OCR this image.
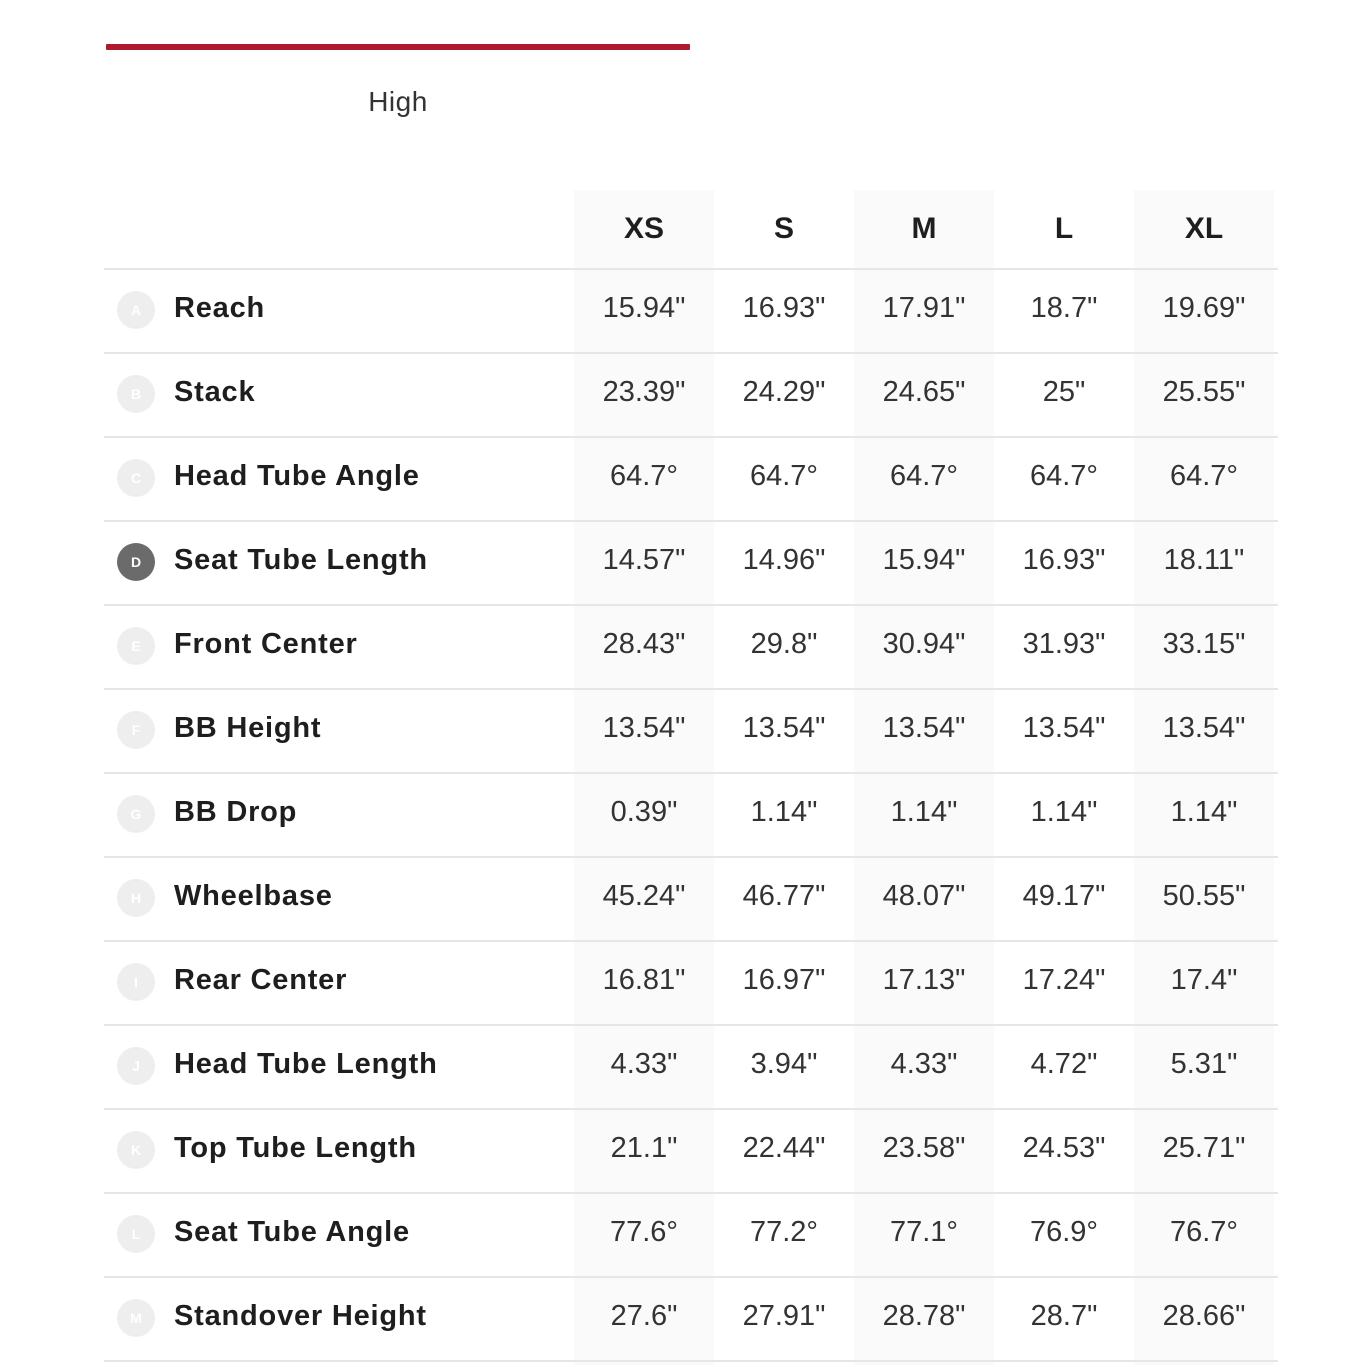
High
XS	S	M	L	XL
A	Reach	15.94"	16.93"	17.91"	18.7"	19.69"
B	Stack	23.39"	24.29"	24.65"	25"	25.55"
C	Head Tube Angle	64.7°	64.7°	64.7°	64.7°	64.7°
D	Seat Tube Length	14.57"	14.96"	15.94"	16.93"	18.11"
E	Front Center	28.43"	29.8"	30.94"	31.93"	33.15"
F	BB Height	13.54"	13.54"	13.54"	13.54"	13.54"
G	BB Drop	0.39"	1.14"	1.14"	1.14"	1.14"
H	Wheelbase	45.24"	46.77"	48.07"	49.17"	50.55"
I	Rear Center	16.81"	16.97"	17.13"	17.24"	17.4"
J	Head Tube Length	4.33"	3.94"	4.33"	4.72"	5.31"
K	Top Tube Length	21.1"	22.44"	23.58"	24.53"	25.71"
L	Seat Tube Angle	77.6°	77.2°	77.1°	76.9°	76.7°
M	Standover Height	27.6"	27.91"	28.78"	28.7"	28.66"
